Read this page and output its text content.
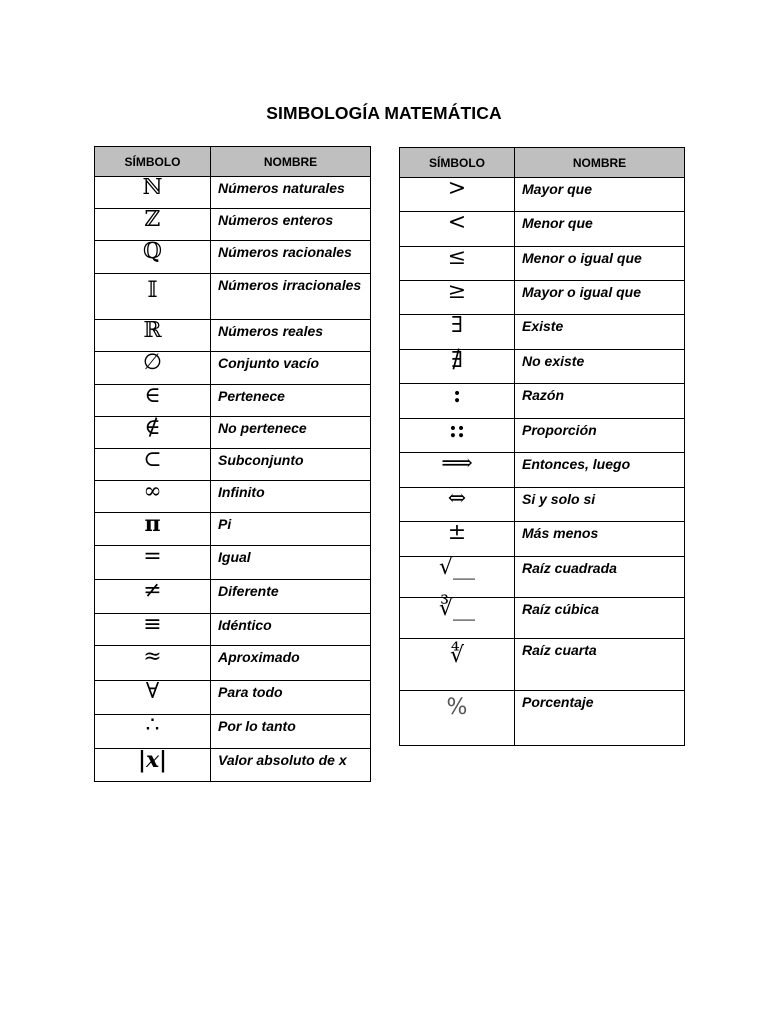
SIMBOLOGÍA MATEMÁTICA
SÍMBOLO	NOMBRE
ℕ	Números naturales
ℤ	Números enteros
ℚ	Números racionales
𝕀	Números irracionales
ℝ	Números reales
∅	Conjunto vacío
∈	Pertenece
∉	No pertenece
⊂	Subconjunto
∞	Infinito
π	Pi
=	Igual
≠	Diferente
≡	Idéntico
≈	Aproximado
∀	Para todo
∴	Por lo tanto
|x|	Valor absoluto de x
SÍMBOLO	NOMBRE
>	Mayor que
<	Menor que
≤	Menor o igual que
≥	Mayor o igual que
∃	Existe
∄	No existe
:	Razón
::	Proporción
⟹	Entonces, luego
⇔	Si y solo si
±	Más menos
√__	Raíz cuadrada
∛__	Raíz cúbica
∜	Raíz cuarta
%	Porcentaje
